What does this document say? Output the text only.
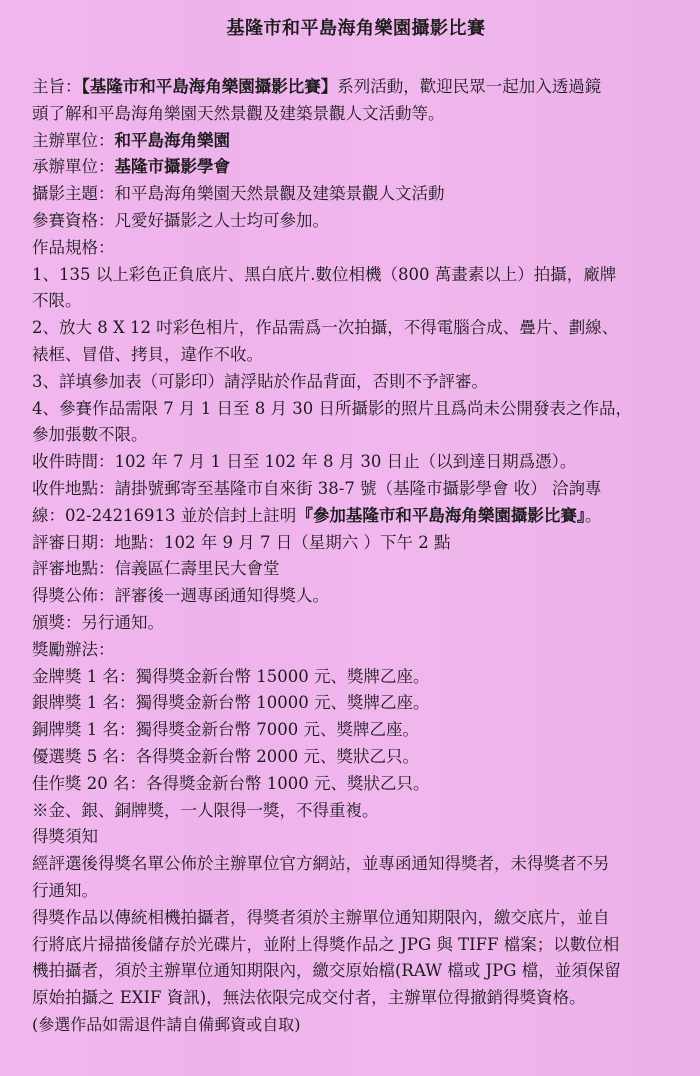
基隆市和平島海角樂園攝影比賽
主旨：【基隆市和平島海角樂園攝影比賽】系列活動，歡迎民眾一起加入透過鏡
頭了解和平島海角樂園天然景觀及建築景觀人文活動等。
主辦單位：和平島海角樂園
承辦單位：基隆市攝影學會
攝影主題：和平島海角樂園天然景觀及建築景觀人文活動
參賽資格：凡愛好攝影之人士均可參加。
作品規格：
1、135 以上彩色正負底片、黑白底片.數位相機（800 萬畫素以上）拍攝，廠牌
不限。
2、放大 8 X 12 吋彩色相片，作品需爲一次拍攝，不得電腦合成、疊片、劃線、
裱框、冒借、拷貝，違作不收。
3、詳填參加表（可影印）請浮貼於作品背面，否則不予評審。
4、參賽作品需限 7 月 1 日至 8 月 30 日所攝影的照片且爲尚未公開發表之作品，
參加張數不限。
收件時間：102 年 7 月 1 日至 102 年 8 月 30 日止（以到達日期爲憑）。
收件地點：請掛號郵寄至基隆市自來街 38-7 號（基隆市攝影學會 收） 洽詢專
線：02-24216913 並於信封上註明『參加基隆市和平島海角樂園攝影比賽』。
評審日期：地點：102 年 9 月 7 日（星期六 ）下午 2 點
評審地點：信義區仁壽里民大會堂
得獎公佈：評審後一週專函通知得獎人。
頒獎：另行通知。
獎勵辦法：
金牌獎 1 名：獨得獎金新台幣 15000 元、獎牌乙座。
銀牌獎 1 名：獨得獎金新台幣 10000 元、獎牌乙座。
銅牌獎 1 名：獨得獎金新台幣 7000 元、獎牌乙座。
優選獎 5 名：各得獎金新台幣 2000 元、獎狀乙只。
佳作獎 20 名：各得獎金新台幣 1000 元、獎狀乙只。
※金、銀、銅牌獎，一人限得一獎，不得重複。
得獎須知
經評選後得獎名單公佈於主辦單位官方網站，並專函通知得獎者，未得獎者不另
行通知。
得獎作品以傳統相機拍攝者，得獎者須於主辦單位通知期限內，繳交底片，並自
行將底片掃描後儲存於光碟片，並附上得獎作品之 JPG 與 TIFF 檔案；以數位相
機拍攝者，須於主辦單位通知期限內，繳交原始檔(RAW 檔或 JPG 檔，並須保留
原始拍攝之 EXIF 資訊)，無法依限完成交付者，主辦單位得撤銷得獎資格。
(參選作品如需退件請自備郵資或自取)
